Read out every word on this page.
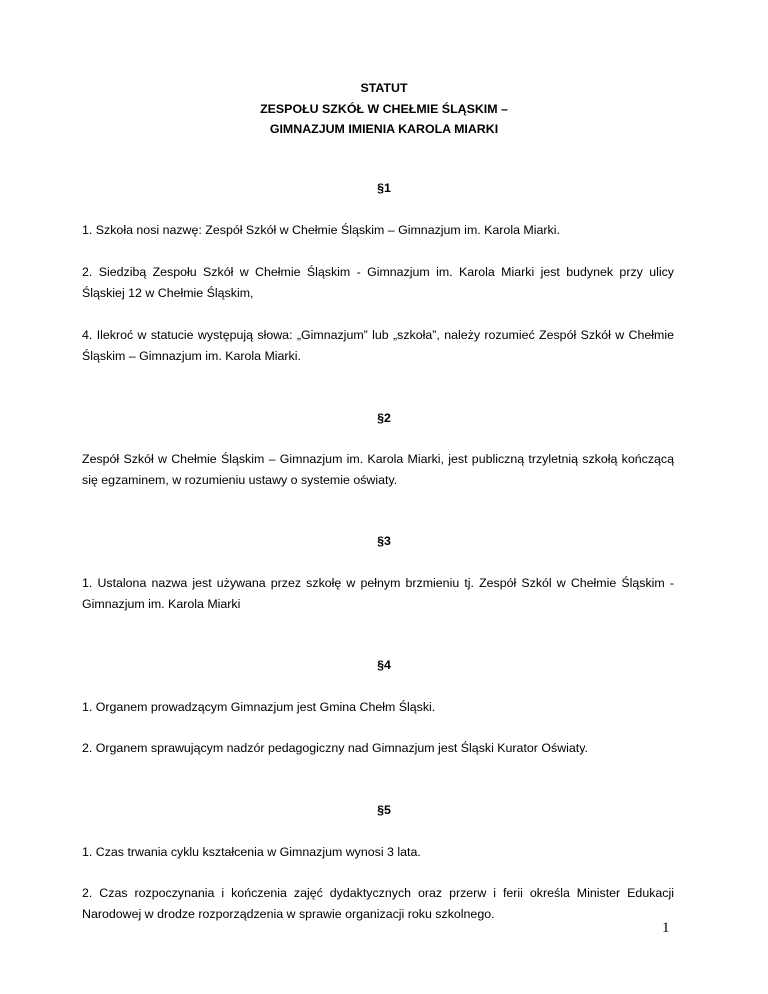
STATUT
ZESPOŁU SZKÓŁ W CHEŁMIE ŚLĄSKIM –
GIMNAZJUM IMIENIA KAROLA MIARKI
§1

1. Szkoła nosi nazwę: Zespół Szkół w Chełmie Śląskim – Gimnazjum im. Karola Miarki.

2. Siedzibą Zespołu Szkół w Chełmie Śląskim - Gimnazjum im. Karola Miarki jest budynek przy ulicy Śląskiej 12 w Chełmie Śląskim,

4. Ilekroć w statucie występują słowa: „Gimnazjum” lub „szkoła”, należy rozumieć Zespół Szkół w Chełmie Śląskim – Gimnazjum im. Karola Miarki.

§2

Zespół Szkół w Chełmie Śląskim – Gimnazjum im. Karola Miarki, jest publiczną trzyletnią szkołą kończącą się egzaminem, w rozumieniu ustawy o systemie oświaty.

§3

1. Ustalona nazwa jest używana przez szkołę w pełnym brzmieniu tj. Zespół Szkól w Chełmie Śląskim - Gimnazjum im. Karola Miarki

§4

1. Organem prowadzącym Gimnazjum jest Gmina Chełm Śląski.

2. Organem sprawującym nadzór pedagogiczny nad Gimnazjum jest Śląski Kurator Oświaty.

§5

1. Czas trwania cyklu kształcenia w Gimnazjum wynosi 3 lata.

2. Czas rozpoczynania i kończenia zajęć dydaktycznych oraz przerw i ferii określa Minister Edukacji Narodowej w drodze rozporządzenia w sprawie organizacji roku szkolnego.

1
